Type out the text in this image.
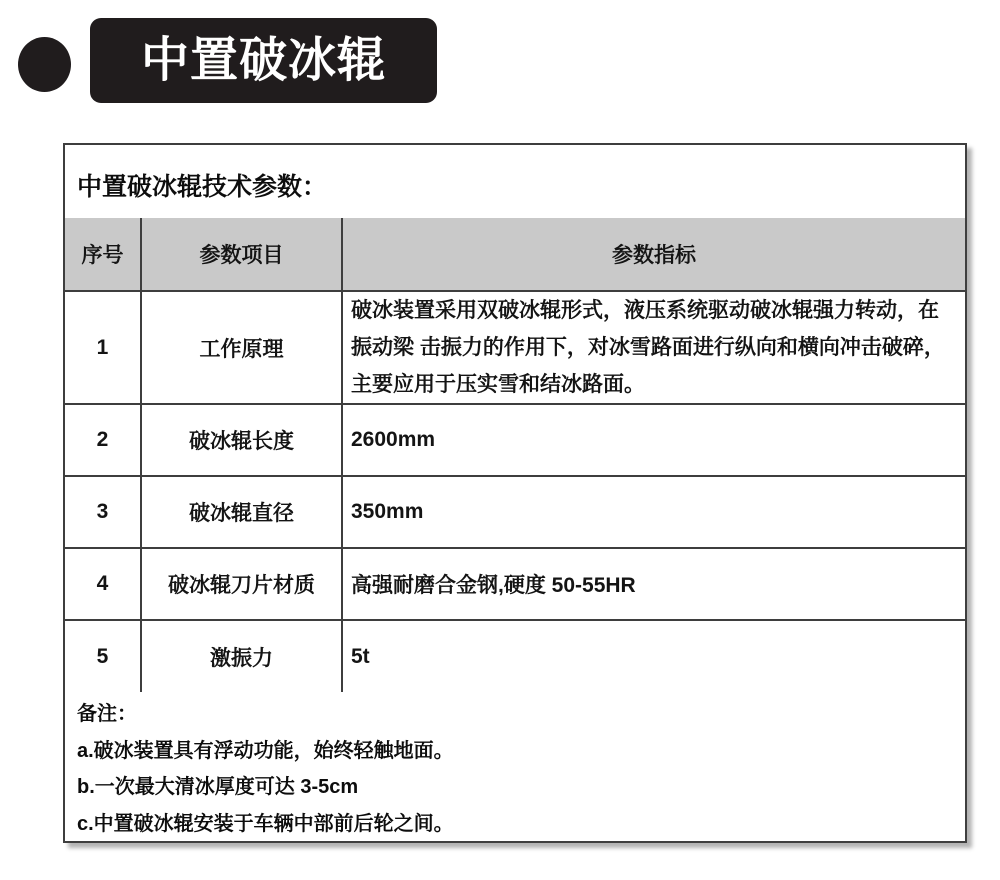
中置破冰辊
中置破冰辊技术参数：
序号	参数项目	参数指标
1	工作原理	破冰装置采用双破冰辊形式，液压系统驱动破冰辊强力转动，在
振动梁 击振力的作用下，对冰雪路面进行纵向和横向冲击破碎，
主要应用于压实雪和结冰路面。

2	破冰辊长度	2600mm
3	破冰辊直径	350mm
4	破冰辊刀片材质	高强耐磨合金钢,硬度 50-55HR
5	激振力	5t
备注：
a.破冰装置具有浮动功能，始终轻触地面。
b.一次最大清冰厚度可达 3-5cm
c.中置破冰辊安装于车辆中部前后轮之间。
